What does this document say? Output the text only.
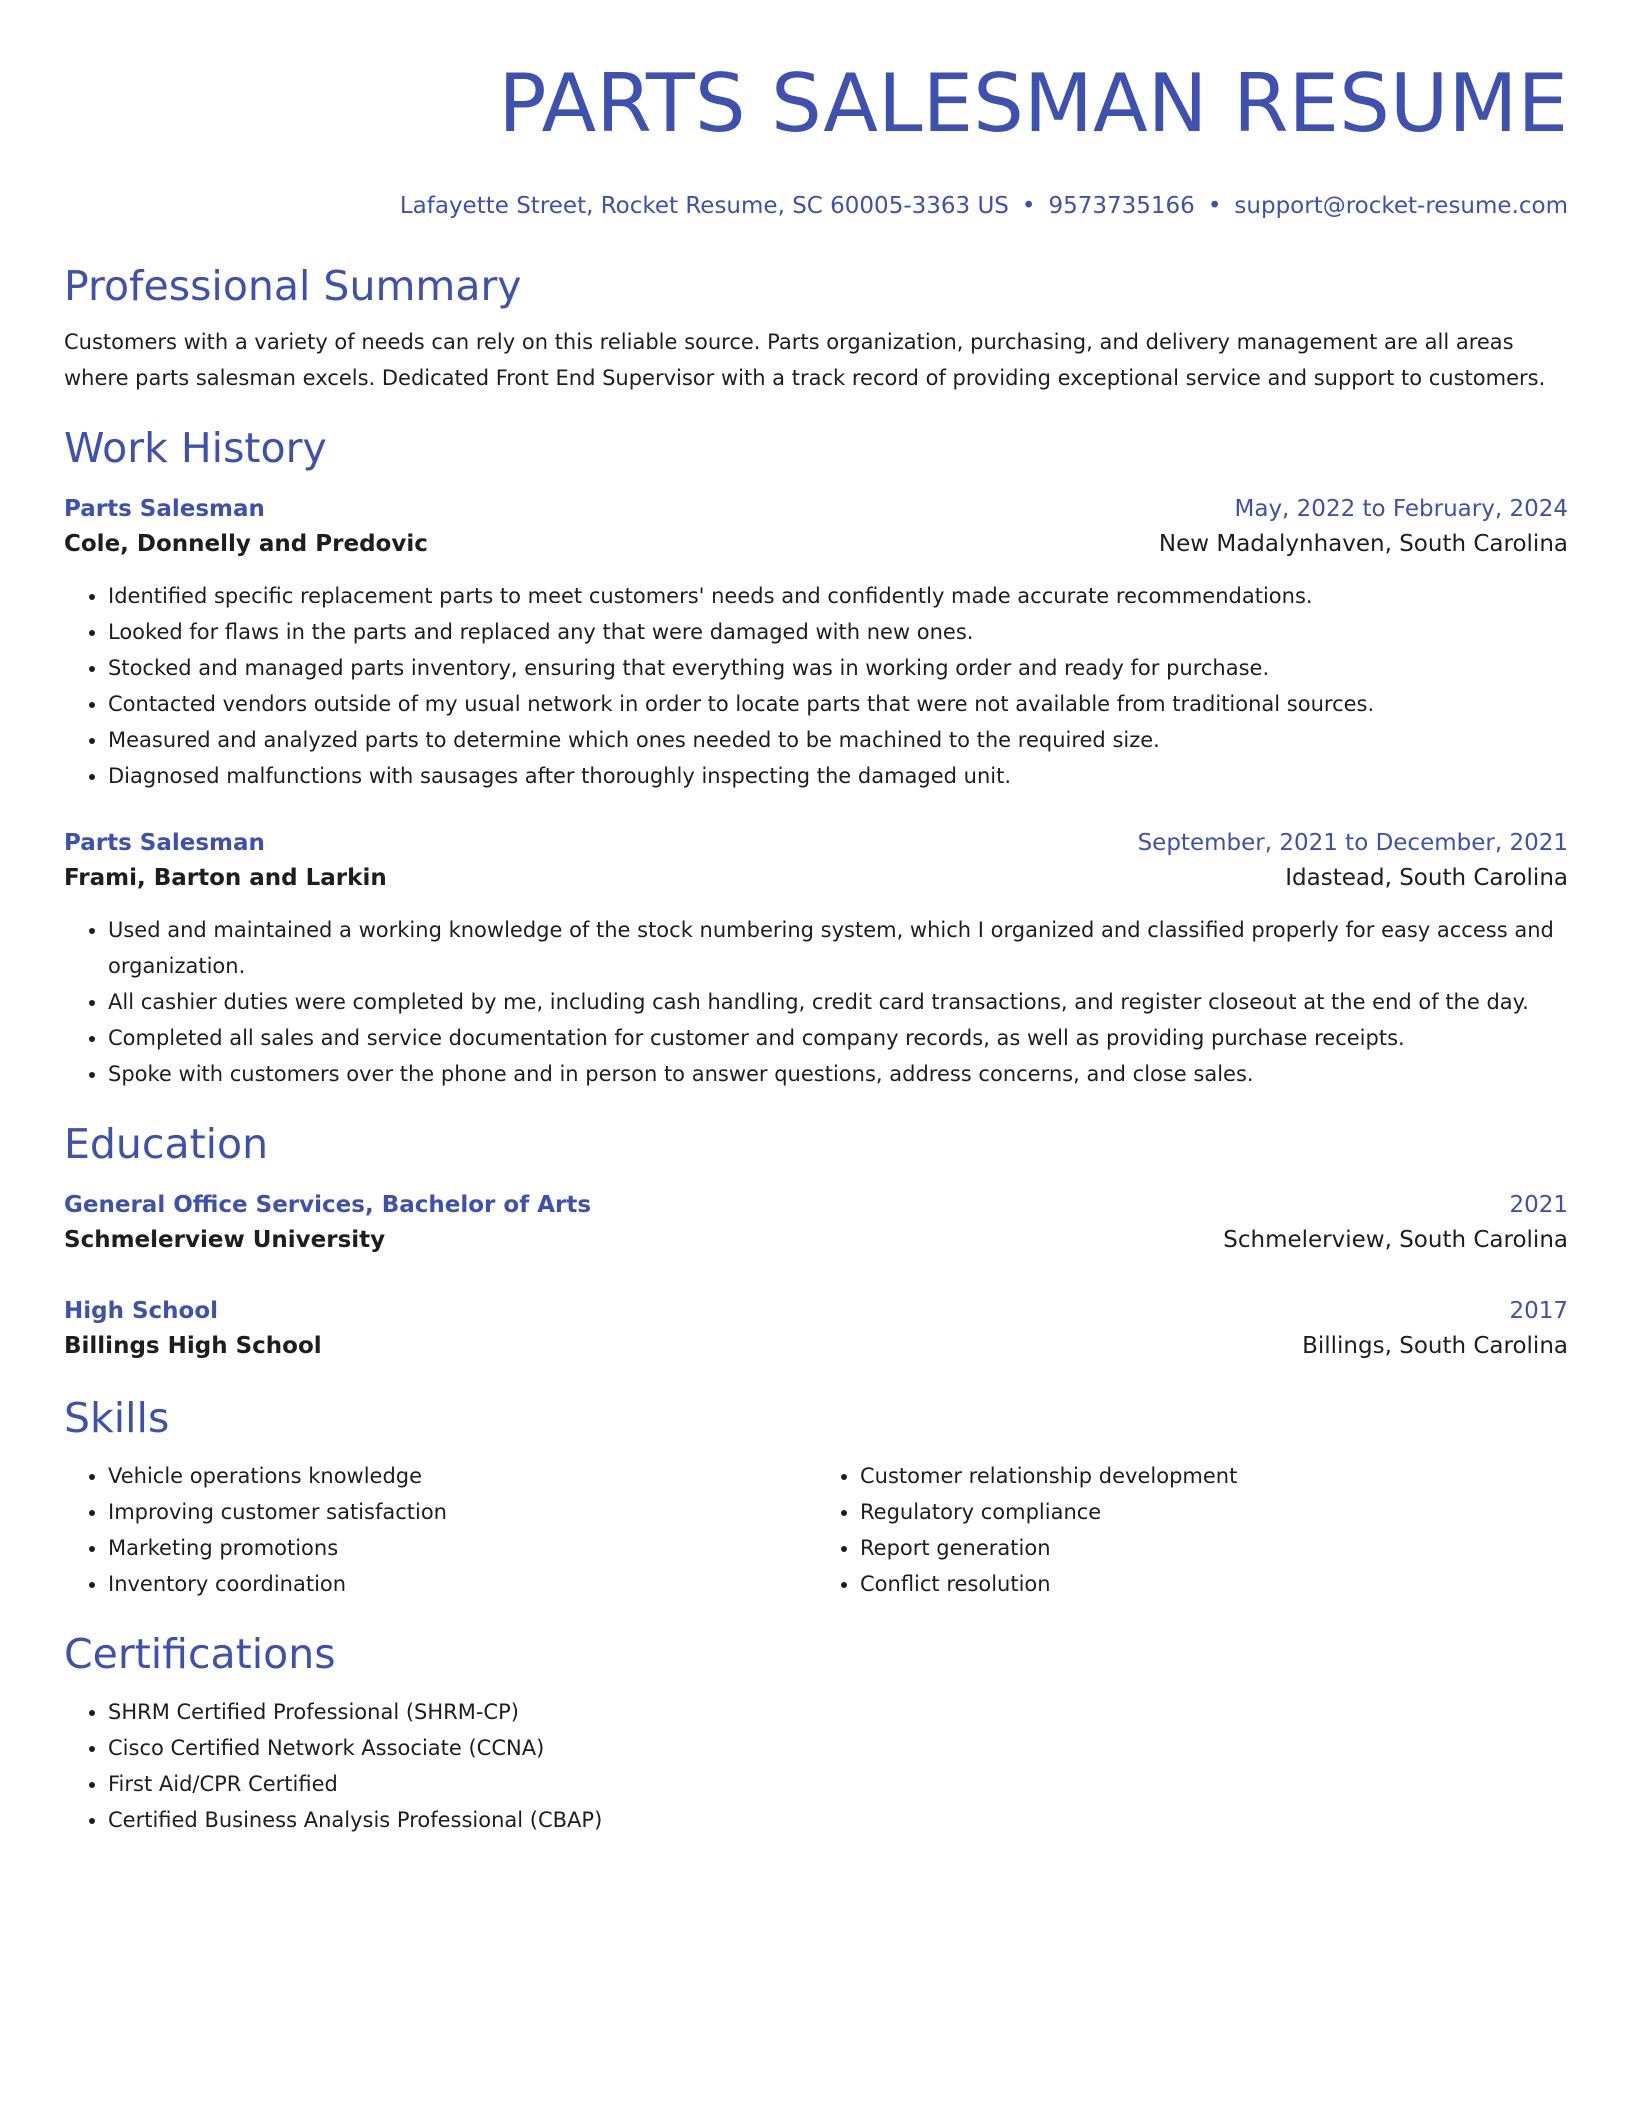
PARTS SALESMAN RESUME
Lafayette Street, Rocket Resume, SC 60005-3363 US • 9573735166 • support@rocket-resume.com
Professional Summary

Customers with a variety of needs can rely on this reliable source. Parts organization, purchasing, and delivery management are all areas where parts salesman excels. Dedicated Front End Supervisor with a track record of providing exceptional service and support to customers.

Work History
Parts Salesman	May, 2022 to February, 2024
Cole, Donnelly and Predovic	New Madalynhaven, South Carolina
• Identified specific replacement parts to meet customers' needs and confidently made accurate recommendations.
• Looked for flaws in the parts and replaced any that were damaged with new ones.
• Stocked and managed parts inventory, ensuring that everything was in working order and ready for purchase.
• Contacted vendors outside of my usual network in order to locate parts that were not available from traditional sources.
• Measured and analyzed parts to determine which ones needed to be machined to the required size.
• Diagnosed malfunctions with sausages after thoroughly inspecting the damaged unit.
Parts Salesman	September, 2021 to December, 2021
Frami, Barton and Larkin	Idastead, South Carolina
• Used and maintained a working knowledge of the stock numbering system, which I organized and classified properly for easy access and organization.
• All cashier duties were completed by me, including cash handling, credit card transactions, and register closeout at the end of the day.
• Completed all sales and service documentation for customer and company records, as well as providing purchase receipts.
• Spoke with customers over the phone and in person to answer questions, address concerns, and close sales.
Education
General Office Services, Bachelor of Arts	2021
Schmelerview University	Schmelerview, South Carolina
High School	2017
Billings High School	Billings, South Carolina
Skills
• Vehicle operations knowledge
• Improving customer satisfaction
• Marketing promotions
• Inventory coordination
• Customer relationship development
• Regulatory compliance
• Report generation
• Conflict resolution
Certifications
• SHRM Certified Professional (SHRM-CP)
• Cisco Certified Network Associate (CCNA)
• First Aid/CPR Certified
• Certified Business Analysis Professional (CBAP)
